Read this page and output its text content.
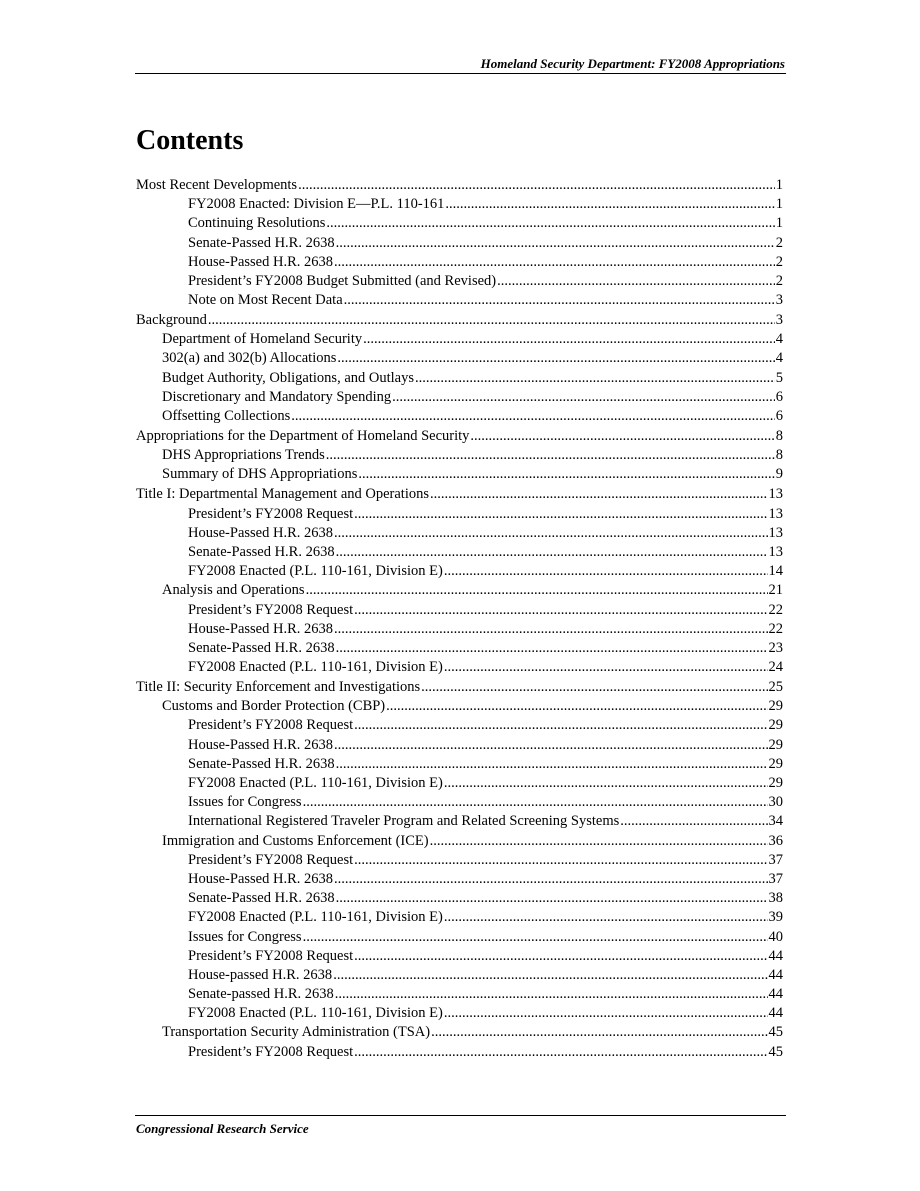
Homeland Security Department: FY2008 Appropriations
Contents
Most Recent Developments .....	1
FY2008 Enacted: Division E—P.L. 110-161 .....	1
Continuing Resolutions .....	1
Senate-Passed H.R. 2638 .....	2
House-Passed H.R. 2638 .....	2
President’s FY2008 Budget Submitted (and Revised) .....	2
Note on Most Recent Data .....	3
Background .....	3
Department of Homeland Security .....	4
302(a) and 302(b) Allocations .....	4
Budget Authority, Obligations, and Outlays .....	5
Discretionary and Mandatory Spending .....	6
Offsetting Collections .....	6
Appropriations for the Department of Homeland Security .....	8
DHS Appropriations Trends .....	8
Summary of DHS Appropriations .....	9
Title I: Departmental Management and Operations .....	13
President’s FY2008 Request .....	13
House-Passed H.R. 2638 .....	13
Senate-Passed H.R. 2638 .....	13
FY2008 Enacted (P.L. 110-161, Division E) .....	14
Analysis and Operations .....	21
President’s FY2008 Request .....	22
House-Passed H.R. 2638 .....	22
Senate-Passed H.R. 2638 .....	23
FY2008 Enacted (P.L. 110-161, Division E) .....	24
Title II: Security Enforcement and Investigations .....	25
Customs and Border Protection (CBP) .....	29
President’s FY2008 Request .....	29
House-Passed H.R. 2638 .....	29
Senate-Passed H.R. 2638 .....	29
FY2008 Enacted (P.L. 110-161, Division E) .....	29
Issues for Congress .....	30
International Registered Traveler Program and Related Screening Systems .....	34
Immigration and Customs Enforcement (ICE) .....	36
President’s FY2008 Request .....	37
House-Passed H.R. 2638 .....	37
Senate-Passed H.R. 2638 .....	38
FY2008 Enacted (P.L. 110-161, Division E) .....	39
Issues for Congress .....	40
President’s FY2008 Request .....	44
House-passed H.R. 2638 .....	44
Senate-passed H.R. 2638 .....	44
FY2008 Enacted (P.L. 110-161, Division E) .....	44
Transportation Security Administration (TSA) .....	45
President’s FY2008 Request .....	45
Congressional Research Service
